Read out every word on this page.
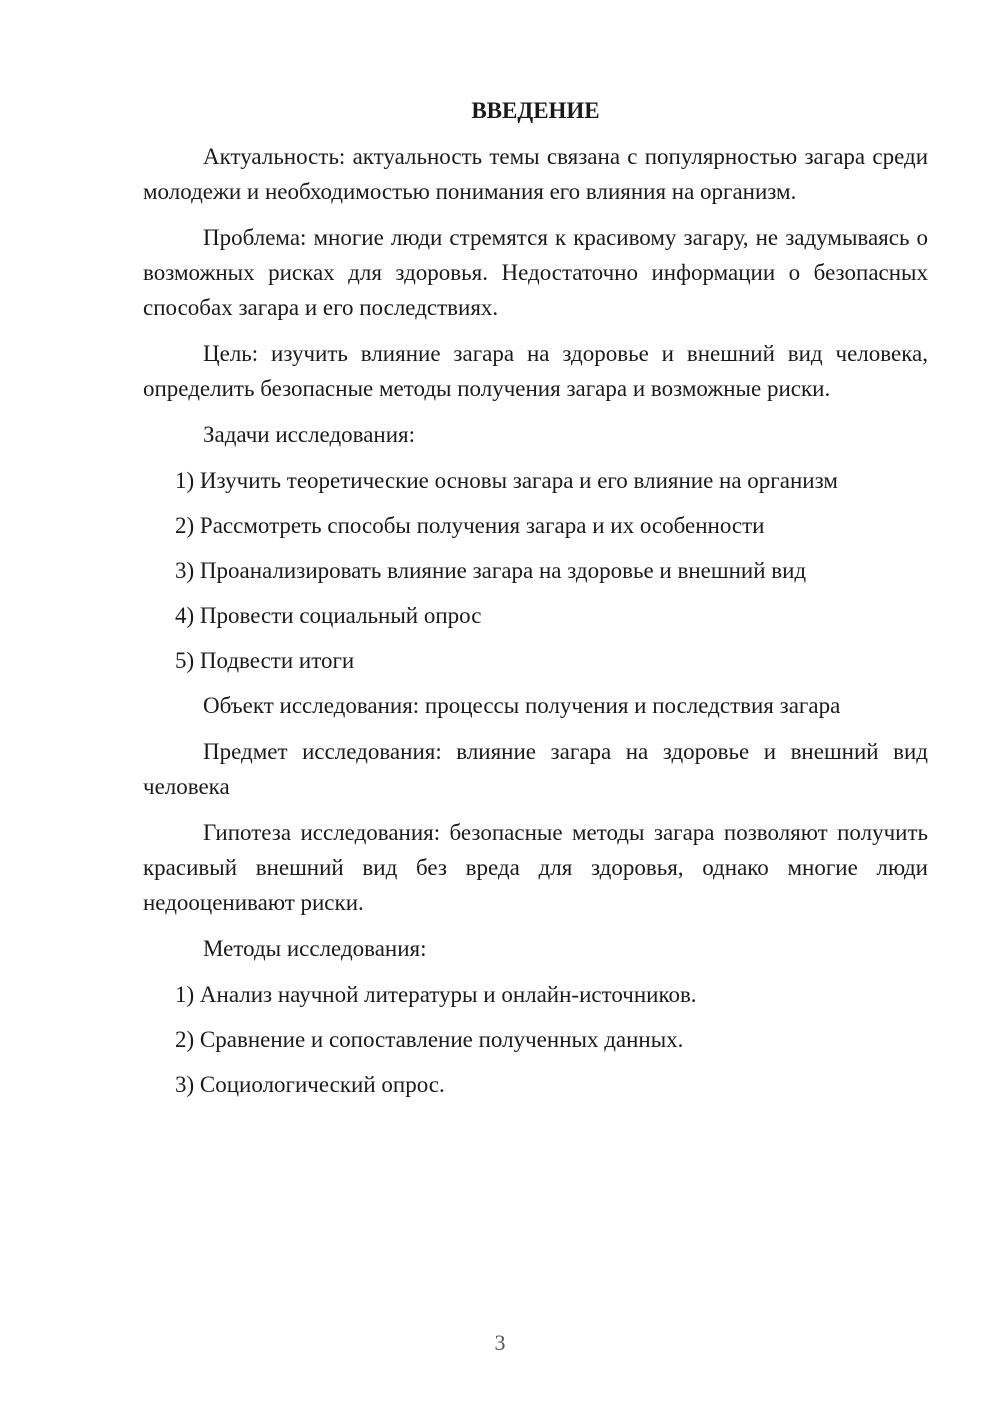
ВВЕДЕНИЕ
Актуальность: актуальность темы связана с популярностью загара среди молодежи и необходимостью понимания его влияния на организм.
Проблема: многие люди стремятся к красивому загару, не задумываясь о возможных рисках для здоровья. Недостаточно информации о безопасных способах загара и его последствиях.
Цель: изучить влияние загара на здоровье и внешний вид человека, определить безопасные методы получения загара и возможные риски.
Задачи исследования:
1) Изучить теоретические основы загара и его влияние на организм
2) Рассмотреть способы получения загара и их особенности
3) Проанализировать влияние загара на здоровье и внешний вид
4) Провести социальный опрос
5) Подвести итоги
Объект исследования: процессы получения и последствия загара
Предмет исследования: влияние загара на здоровье и внешний вид человека
Гипотеза исследования: безопасные методы загара позволяют получить красивый внешний вид без вреда для здоровья, однако многие люди недооценивают риски.
Методы исследования:
1) Анализ научной литературы и онлайн-источников.
2) Сравнение и сопоставление полученных данных.
3) Социологический опрос.
3
